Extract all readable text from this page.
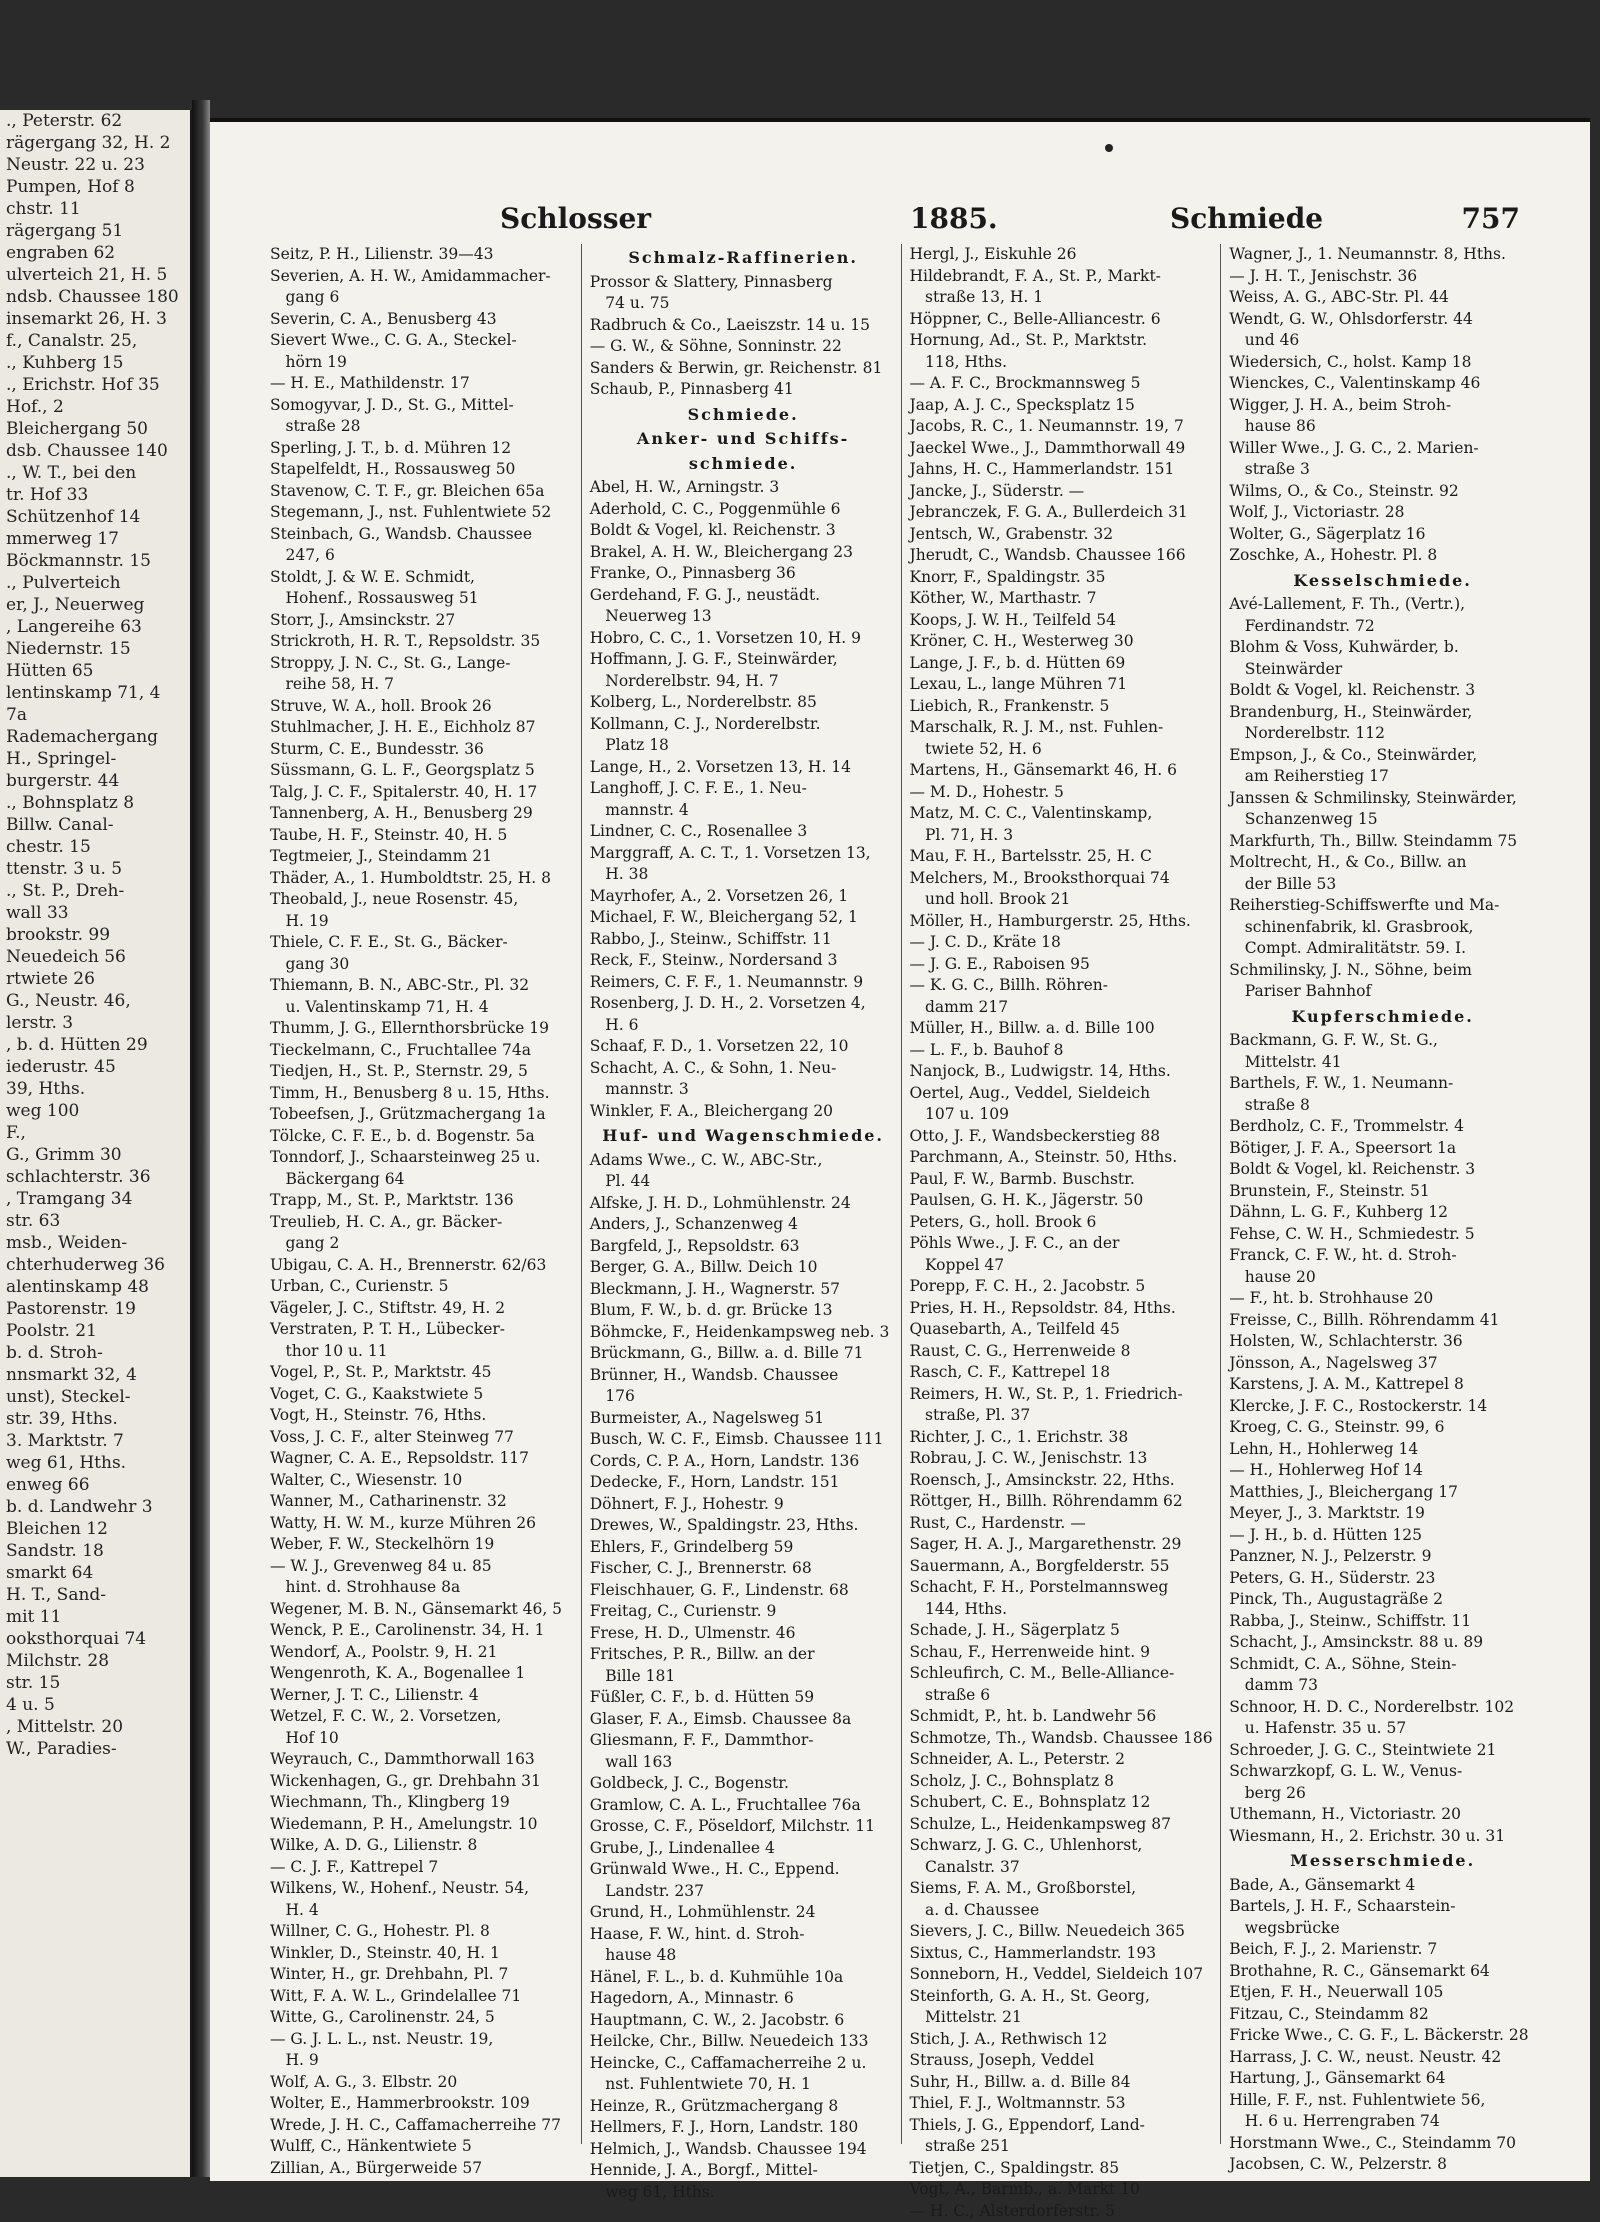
., Peterstr. 62
rägergang 32, H. 2
Neustr. 22 u. 23
Pumpen, Hof 8
chstr. 11
rägergang 51
engraben 62
ulverteich 21, H. 5
ndsb. Chaussee 180
insemarkt 26, H. 3
f., Canalstr. 25,
., Kuhberg 15
., Erichstr. Hof 35
Hof., 2
Bleichergang 50
dsb. Chaussee 140
., W. T., bei den
tr. Hof 33
Schützenhof 14
mmerweg 17
Böckmannstr. 15
., Pulverteich
er, J., Neuerweg
, Langereihe 63
Niedernstr. 15
Hütten 65
lentinskamp 71, 4
7a
Rademachergang
H., Springel-
burgerstr. 44
., Bohnsplatz 8
Billw. Canal-
chestr. 15
ttenstr. 3 u. 5
., St. P., Dreh-
wall 33
brookstr. 99
Neuedeich 56
rtwiete 26
G., Neustr. 46,
lerstr. 3
, b. d. Hütten 29
iederustr. 45
39, Hths.
weg 100
F.,
G., Grimm 30
schlachterstr. 36
, Tramgang 34
str. 63
msb., Weiden-
chterhuderweg 36
alentinskamp 48
Pastorenstr. 19
Poolstr. 21
b. d. Stroh-
nnsmarkt 32, 4
unst), Steckel-
str. 39, Hths.
3. Marktstr. 7
weg 61, Hths.
enweg 66
b. d. Landwehr 3
Bleichen 12
Sandstr. 18
smarkt 64
H. T., Sand-
mit 11
ooksthorquai 74
Milchstr. 28
str. 15
4 u. 5
, Mittelstr. 20
W., Paradies-
Schlosser	1885.	Schmiede	757
Seitz, P. H., Lilienstr. 39—43
Severien, A. H. W., Amidammacher-
 gang 6
Severin, C. A., Benusberg 43
Sievert Wwe., C. G. A., Steckel-
 hörn 19
— H. E., Mathildenstr. 17
Somogyvar, J. D., St. G., Mittel-
 straße 28
Sperling, J. T., b. d. Mühren 12
Stapelfeldt, H., Rossausweg 50
Stavenow, C. T. F., gr. Bleichen 65a
Stegemann, J., nst. Fuhlentwiete 52
Steinbach, G., Wandsb. Chaussee
 247, 6
Stoldt, J. & W. E. Schmidt,
 Hohenf., Rossausweg 51
Storr, J., Amsinckstr. 27
Strickroth, H. R. T., Repsoldstr. 35
Stroppy, J. N. C., St. G., Lange-
 reihe 58, H. 7
Struve, W. A., holl. Brook 26
Stuhlmacher, J. H. E., Eichholz 87
Sturm, C. E., Bundesstr. 36
Süssmann, G. L. F., Georgsplatz 5
Talg, J. C. F., Spitalerstr. 40, H. 17
Tannenberg, A. H., Benusberg 29
Taube, H. F., Steinstr. 40, H. 5
Tegtmeier, J., Steindamm 21
Thäder, A., 1. Humboldtstr. 25, H. 8
Theobald, J., neue Rosenstr. 45,
 H. 19
Thiele, C. F. E., St. G., Bäcker-
 gang 30
Thiemann, B. N., ABC-Str., Pl. 32
 u. Valentinskamp 71, H. 4
Thumm, J. G., Ellernthorsbrücke 19
Tieckelmann, C., Fruchtallee 74a
Tiedjen, H., St. P., Sternstr. 29, 5
Timm, H., Benusberg 8 u. 15, Hths.
Tobeefsen, J., Grützmachergang 1a
Tölcke, C. F. E., b. d. Bogenstr. 5a
Tonndorf, J., Schaarsteinweg 25 u.
 Bäckergang 64
Trapp, M., St. P., Marktstr. 136
Treulieb, H. C. A., gr. Bäcker-
 gang 2
Ubigau, C. A. H., Brennerstr. 62/63
Urban, C., Curienstr. 5
Vägeler, J. C., Stiftstr. 49, H. 2
Verstraten, P. T. H., Lübecker-
 thor 10 u. 11
Vogel, P., St. P., Marktstr. 45
Voget, C. G., Kaakstwiete 5
Vogt, H., Steinstr. 76, Hths.
Voss, J. C. F., alter Steinweg 77
Wagner, C. A. E., Repsoldstr. 117
Walter, C., Wiesenstr. 10
Wanner, M., Catharinenstr. 32
Watty, H. W. M., kurze Mühren 26
Weber, F. W., Steckelhörn 19
— W. J., Grevenweg 84 u. 85
 hint. d. Strohhause 8a
Wegener, M. B. N., Gänsemarkt 46, 5
Wenck, P. E., Carolinenstr. 34, H. 1
Wendorf, A., Poolstr. 9, H. 21
Wengenroth, K. A., Bogenallee 1
Werner, J. T. C., Lilienstr. 4
Wetzel, F. C. W., 2. Vorsetzen,
 Hof 10
Weyrauch, C., Dammthorwall 163
Wickenhagen, G., gr. Drehbahn 31
Wiechmann, Th., Klingberg 19
Wiedemann, P. H., Amelungstr. 10
Wilke, A. D. G., Lilienstr. 8
— C. J. F., Kattrepel 7
Wilkens, W., Hohenf., Neustr. 54,
 H. 4
Willner, C. G., Hohestr. Pl. 8
Winkler, D., Steinstr. 40, H. 1
Winter, H., gr. Drehbahn, Pl. 7
Witt, F. A. W. L., Grindelallee 71
Witte, G., Carolinenstr. 24, 5
— G. J. L. L., nst. Neustr. 19,
 H. 9
Wolf, A. G., 3. Elbstr. 20
Wolter, E., Hammerbrookstr. 109
Wrede, J. H. C., Caffamacherreihe 77
Wulff, C., Hänkentwiete 5
Zillian, A., Bürgerweide 57
Schmalz-Raffinerien.
Prossor & Slattery, Pinnasberg
 74 u. 75
Radbruch & Co., Laeiszstr. 14 u. 15
— G. W., & Söhne, Sonninstr. 22
Sanders & Berwin, gr. Reichenstr. 81
Schaub, P., Pinnasberg 41
Schmiede.
Anker- und Schiffs-
schmiede.
Abel, H. W., Arningstr. 3
Aderhold, C. C., Poggenmühle 6
Boldt & Vogel, kl. Reichenstr. 3
Brakel, A. H. W., Bleichergang 23
Franke, O., Pinnasberg 36
Gerdehand, F. G. J., neustädt.
 Neuerweg 13
Hobro, C. C., 1. Vorsetzen 10, H. 9
Hoffmann, J. G. F., Steinwärder,
 Norderelbstr. 94, H. 7
Kolberg, L., Norderelbstr. 85
Kollmann, C. J., Norderelbstr.
 Platz 18
Lange, H., 2. Vorsetzen 13, H. 14
Langhoff, J. C. F. E., 1. Neu-
 mannstr. 4
Lindner, C. C., Rosenallee 3
Marggraff, A. C. T., 1. Vorsetzen 13,
 H. 38
Mayrhofer, A., 2. Vorsetzen 26, 1
Michael, F. W., Bleichergang 52, 1
Rabbo, J., Steinw., Schiffstr. 11
Reck, F., Steinw., Nordersand 3
Reimers, C. F. F., 1. Neumannstr. 9
Rosenberg, J. D. H., 2. Vorsetzen 4,
 H. 6
Schaaf, F. D., 1. Vorsetzen 22, 10
Schacht, A. C., & Sohn, 1. Neu-
 mannstr. 3
Winkler, F. A., Bleichergang 20
Huf- und Wagenschmiede.
Adams Wwe., C. W., ABC-Str.,
 Pl. 44
Alfske, J. H. D., Lohmühlenstr. 24
Anders, J., Schanzenweg 4
Bargfeld, J., Repsoldstr. 63
Berger, G. A., Billw. Deich 10
Bleckmann, J. H., Wagnerstr. 57
Blum, F. W., b. d. gr. Brücke 13
Böhmcke, F., Heidenkampsweg neb. 3
Brückmann, G., Billw. a. d. Bille 71
Brünner, H., Wandsb. Chaussee
 176
Burmeister, A., Nagelsweg 51
Busch, W. C. F., Eimsb. Chaussee 111
Cords, C. P. A., Horn, Landstr. 136
Dedecke, F., Horn, Landstr. 151
Döhnert, F. J., Hohestr. 9
Drewes, W., Spaldingstr. 23, Hths.
Ehlers, F., Grindelberg 59
Fischer, C. J., Brennerstr. 68
Fleischhauer, G. F., Lindenstr. 68
Freitag, C., Curienstr. 9
Frese, H. D., Ulmenstr. 46
Fritsches, P. R., Billw. an der
 Bille 181
Füßler, C. F., b. d. Hütten 59
Glaser, F. A., Eimsb. Chaussee 8a
Gliesmann, F. F., Dammthor-
 wall 163
Goldbeck, J. C., Bogenstr.
Gramlow, C. A. L., Fruchtallee 76a
Grosse, C. F., Pöseldorf, Milchstr. 11
Grube, J., Lindenallee 4
Grünwald Wwe., H. C., Eppend.
 Landstr. 237
Grund, H., Lohmühlenstr. 24
Haase, F. W., hint. d. Stroh-
 hause 48
Hänel, F. L., b. d. Kuhmühle 10a
Hagedorn, A., Minnastr. 6
Hauptmann, C. W., 2. Jacobstr. 6
Heilcke, Chr., Billw. Neuedeich 133
Heincke, C., Caffamacherreihe 2 u.
 nst. Fuhlentwiete 70, H. 1
Heinze, R., Grützmachergang 8
Hellmers, F. J., Horn, Landstr. 180
Helmich, J., Wandsb. Chaussee 194
Hennide, J. A., Borgf., Mittel-
 weg 61, Hths.
Hergl, J., Eiskuhle 26
Hildebrandt, F. A., St. P., Markt-
 straße 13, H. 1
Höppner, C., Belle-Alliancestr. 6
Hornung, Ad., St. P., Marktstr.
 118, Hths.
— A. F. C., Brockmannsweg 5
Jaap, A. J. C., Specksplatz 15
Jacobs, R. C., 1. Neumannstr. 19, 7
Jaeckel Wwe., J., Dammthorwall 49
Jahns, H. C., Hammerlandstr. 151
Jancke, J., Süderstr. —
Jebranczek, F. G. A., Bullerdeich 31
Jentsch, W., Grabenstr. 32
Jherudt, C., Wandsb. Chaussee 166
Knorr, F., Spaldingstr. 35
Köther, W., Marthastr. 7
Koops, J. W. H., Teilfeld 54
Kröner, C. H., Westerweg 30
Lange, J. F., b. d. Hütten 69
Lexau, L., lange Mühren 71
Liebich, R., Frankenstr. 5
Marschalk, R. J. M., nst. Fuhlen-
 twiete 52, H. 6
Martens, H., Gänsemarkt 46, H. 6
— M. D., Hohestr. 5
Matz, M. C. C., Valentinskamp,
 Pl. 71, H. 3
Mau, F. H., Bartelsstr. 25, H. C
Melchers, M., Brooksthorquai 74
 und holl. Brook 21
Möller, H., Hamburgerstr. 25, Hths.
— J. C. D., Kräte 18
— J. G. E., Raboisen 95
— K. G. C., Billh. Röhren-
 damm 217
Müller, H., Billw. a. d. Bille 100
— L. F., b. Bauhof 8
Nanjock, B., Ludwigstr. 14, Hths.
Oertel, Aug., Veddel, Sieldeich
 107 u. 109
Otto, J. F., Wandsbeckerstieg 88
Parchmann, A., Steinstr. 50, Hths.
Paul, F. W., Barmb. Buschstr.
Paulsen, G. H. K., Jägerstr. 50
Peters, G., holl. Brook 6
Pöhls Wwe., J. F. C., an der
 Koppel 47
Porepp, F. C. H., 2. Jacobstr. 5
Pries, H. H., Repsoldstr. 84, Hths.
Quasebarth, A., Teilfeld 45
Raust, C. G., Herrenweide 8
Rasch, C. F., Kattrepel 18
Reimers, H. W., St. P., 1. Friedrich-
 straße, Pl. 37
Richter, J. C., 1. Erichstr. 38
Robrau, J. C. W., Jenischstr. 13
Roensch, J., Amsinckstr. 22, Hths.
Röttger, H., Billh. Röhrendamm 62
Rust, C., Hardenstr. —
Sager, H. A. J., Margarethenstr. 29
Sauermann, A., Borgfelderstr. 55
Schacht, F. H., Porstelmannsweg
 144, Hths.
Schade, J. H., Sägerplatz 5
Schau, F., Herrenweide hint. 9
Schleufirch, C. M., Belle-Alliance-
 straße 6
Schmidt, P., ht. b. Landwehr 56
Schmotze, Th., Wandsb. Chaussee 186
Schneider, A. L., Peterstr. 2
Scholz, J. C., Bohnsplatz 8
Schubert, C. E., Bohnsplatz 12
Schulze, L., Heidenkampsweg 87
Schwarz, J. G. C., Uhlenhorst,
 Canalstr. 37
Siems, F. A. M., Großborstel,
 a. d. Chaussee
Sievers, J. C., Billw. Neuedeich 365
Sixtus, C., Hammerlandstr. 193
Sonneborn, H., Veddel, Sieldeich 107
Steinforth, G. A. H., St. Georg,
 Mittelstr. 21
Stich, J. A., Rethwisch 12
Strauss, Joseph, Veddel
Suhr, H., Billw. a. d. Bille 84
Thiel, F. J., Woltmannstr. 53
Thiels, J. G., Eppendorf, Land-
 straße 251
Tietjen, C., Spaldingstr. 85
Vogt, A., Barmb., a. Markt 10
— H. C., Alsterdorferstr. 5
Wagner, J., 1. Neumannstr. 8, Hths.
— J. H. T., Jenischstr. 36
Weiss, A. G., ABC-Str. Pl. 44
Wendt, G. W., Ohlsdorferstr. 44
 und 46
Wiedersich, C., holst. Kamp 18
Wienckes, C., Valentinskamp 46
Wigger, J. H. A., beim Stroh-
 hause 86
Willer Wwe., J. G. C., 2. Marien-
 straße 3
Wilms, O., & Co., Steinstr. 92
Wolf, J., Victoriastr. 28
Wolter, G., Sägerplatz 16
Zoschke, A., Hohestr. Pl. 8
Kesselschmiede.
Avé-Lallement, F. Th., (Vertr.),
 Ferdinandstr. 72
Blohm & Voss, Kuhwärder, b.
 Steinwärder
Boldt & Vogel, kl. Reichenstr. 3
Brandenburg, H., Steinwärder,
 Norderelbstr. 112
Empson, J., & Co., Steinwärder,
 am Reiherstieg 17
Janssen & Schmilinsky, Steinwärder,
 Schanzenweg 15
Markfurth, Th., Billw. Steindamm 75
Moltrecht, H., & Co., Billw. an
 der Bille 53
Reiherstieg-Schiffswerfte und Ma-
 schinenfabrik, kl. Grasbrook,
 Compt. Admiralitätstr. 59. I.
Schmilinsky, J. N., Söhne, beim
 Pariser Bahnhof
Kupferschmiede.
Backmann, G. F. W., St. G.,
 Mittelstr. 41
Barthels, F. W., 1. Neumann-
 straße 8
Berdholz, C. F., Trommelstr. 4
Bötiger, J. F. A., Speersort 1a
Boldt & Vogel, kl. Reichenstr. 3
Brunstein, F., Steinstr. 51
Dähnn, L. G. F., Kuhberg 12
Fehse, C. W. H., Schmiedestr. 5
Franck, C. F. W., ht. d. Stroh-
 hause 20
— F., ht. b. Strohhause 20
Freisse, C., Billh. Röhrendamm 41
Holsten, W., Schlachterstr. 36
Jönsson, A., Nagelsweg 37
Karstens, J. A. M., Kattrepel 8
Klercke, J. F. C., Rostockerstr. 14
Kroeg, C. G., Steinstr. 99, 6
Lehn, H., Hohlerweg 14
— H., Hohlerweg Hof 14
Matthies, J., Bleichergang 17
Meyer, J., 3. Marktstr. 19
— J. H., b. d. Hütten 125
Panzner, N. J., Pelzerstr. 9
Peters, G. H., Süderstr. 23
Pinck, Th., Augustagräße 2
Rabba, J., Steinw., Schiffstr. 11
Schacht, J., Amsinckstr. 88 u. 89
Schmidt, C. A., Söhne, Stein-
 damm 73
Schnoor, H. D. C., Norderelbstr. 102
 u. Hafenstr. 35 u. 57
Schroeder, J. G. C., Steintwiete 21
Schwarzkopf, G. L. W., Venus-
 berg 26
Uthemann, H., Victoriastr. 20
Wiesmann, H., 2. Erichstr. 30 u. 31
Messerschmiede.
Bade, A., Gänsemarkt 4
Bartels, J. H. F., Schaarstein-
 wegsbrücke
Beich, F. J., 2. Marienstr. 7
Brothahne, R. C., Gänsemarkt 64
Etjen, F. H., Neuerwall 105
Fitzau, C., Steindamm 82
Fricke Wwe., C. G. F., L. Bäckerstr. 28
Harrass, J. C. W., neust. Neustr. 42
Hartung, J., Gänsemarkt 64
Hille, F. F., nst. Fuhlentwiete 56,
 H. 6 u. Herrengraben 74
Horstmann Wwe., C., Steindamm 70
Jacobsen, C. W., Pelzerstr. 8
